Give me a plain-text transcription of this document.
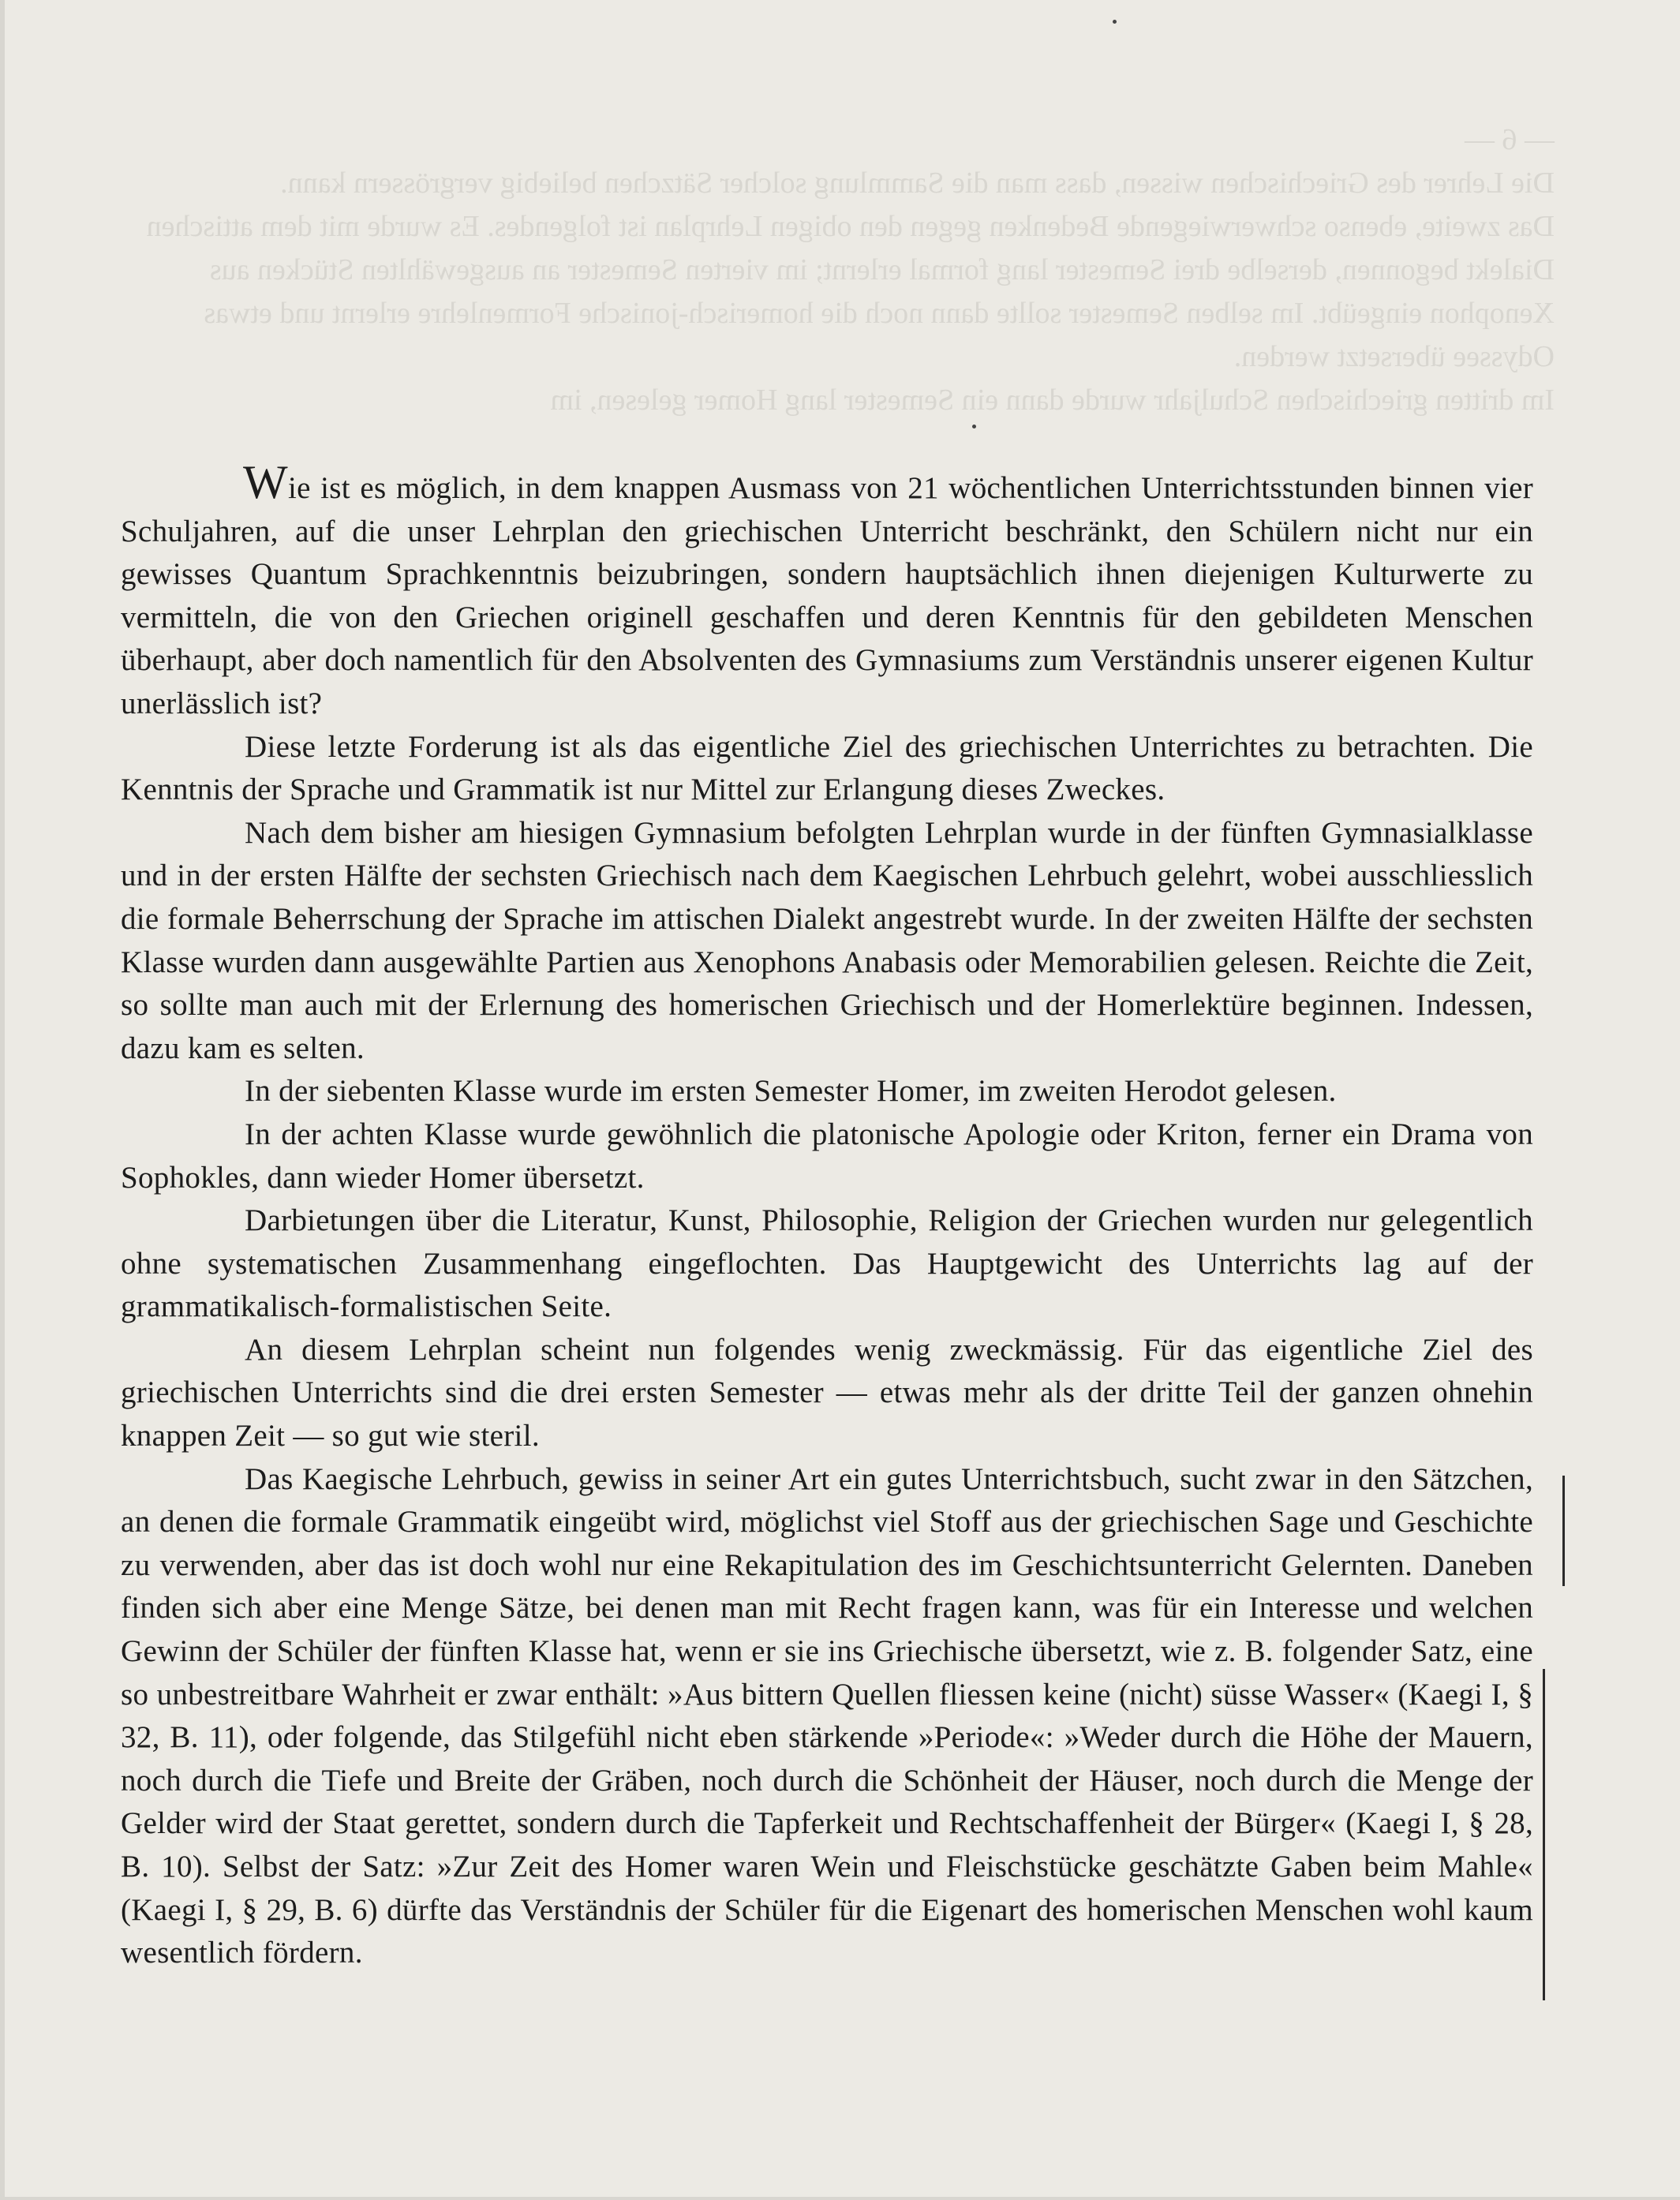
— 6 —
Die Lehrer des Griechischen wissen, dass man die Sammlung solcher Sätzchen beliebig vergrössern kann.
Das zweite, ebenso schwerwiegende Bedenken gegen den obigen Lehrplan ist folgendes. Es wurde mit dem attischen Dialekt begonnen, derselbe drei Semester lang formal erlernt; im vierten Semester an ausgewählten Stücken aus Xenophon eingeübt. Im selben Semester sollte dann noch die homerisch-jonische Formenlehre erlernt und etwas Odyssee übersetzt werden.
Im dritten griechischen Schuljahr wurde dann ein Semester lang Homer gelesen, im

Wie ist es möglich, in dem knappen Ausmass von 21 wöchentlichen Unterrichtsstunden binnen vier Schuljahren, auf die unser Lehrplan den griechischen Unterricht beschränkt, den Schülern nicht nur ein gewisses Quantum Sprachkenntnis beizubringen, sondern hauptsächlich ihnen diejenigen Kulturwerte zu vermitteln, die von den Griechen originell geschaffen und deren Kenntnis für den gebildeten Menschen überhaupt, aber doch namentlich für den Absolventen des Gymnasiums zum Verständnis unserer eigenen Kultur unerlässlich ist?

Diese letzte Forderung ist als das eigentliche Ziel des griechischen Unterrichtes zu betrachten. Die Kenntnis der Sprache und Grammatik ist nur Mittel zur Erlangung dieses Zweckes.

Nach dem bisher am hiesigen Gymnasium befolgten Lehrplan wurde in der fünften Gymnasialklasse und in der ersten Hälfte der sechsten Griechisch nach dem Kaegischen Lehrbuch gelehrt, wobei ausschliesslich die formale Beherrschung der Sprache im attischen Dialekt angestrebt wurde. In der zweiten Hälfte der sechsten Klasse wurden dann ausgewählte Partien aus Xenophons Anabasis oder Memorabilien gelesen. Reichte die Zeit, so sollte man auch mit der Erlernung des homerischen Griechisch und der Homerlektüre beginnen. Indessen, dazu kam es selten.

In der siebenten Klasse wurde im ersten Semester Homer, im zweiten Herodot gelesen.

In der achten Klasse wurde gewöhnlich die platonische Apologie oder Kriton, ferner ein Drama von Sophokles, dann wieder Homer übersetzt.

Darbietungen über die Literatur, Kunst, Philosophie, Religion der Griechen wurden nur gelegentlich ohne systematischen Zusammenhang eingeflochten. Das Hauptgewicht des Unterrichts lag auf der grammatikalisch-formalistischen Seite.

An diesem Lehrplan scheint nun folgendes wenig zweckmässig. Für das eigentliche Ziel des griechischen Unterrichts sind die drei ersten Semester — etwas mehr als der dritte Teil der ganzen ohnehin knappen Zeit — so gut wie steril.

Das Kaegische Lehrbuch, gewiss in seiner Art ein gutes Unterrichtsbuch, sucht zwar in den Sätzchen, an denen die formale Grammatik eingeübt wird, möglichst viel Stoff aus der griechischen Sage und Geschichte zu verwenden, aber das ist doch wohl nur eine Rekapitulation des im Geschichtsunterricht Gelernten. Daneben finden sich aber eine Menge Sätze, bei denen man mit Recht fragen kann, was für ein Interesse und welchen Gewinn der Schüler der fünften Klasse hat, wenn er sie ins Griechische übersetzt, wie z. B. folgender Satz, eine so unbestreitbare Wahrheit er zwar enthält: »Aus bittern Quellen fliessen keine (nicht) süsse Wasser« (Kaegi I, § 32, B. 11), oder folgende, das Stilgefühl nicht eben stärkende »Periode«: »Weder durch die Höhe der Mauern, noch durch die Tiefe und Breite der Gräben, noch durch die Schönheit der Häuser, noch durch die Menge der Gelder wird der Staat gerettet, sondern durch die Tapferkeit und Rechtschaffenheit der Bürger« (Kaegi I, § 28, B. 10). Selbst der Satz: »Zur Zeit des Homer waren Wein und Fleischstücke geschätzte Gaben beim Mahle« (Kaegi I, § 29, B. 6) dürfte das Verständnis der Schüler für die Eigenart des homerischen Menschen wohl kaum wesentlich fördern.
